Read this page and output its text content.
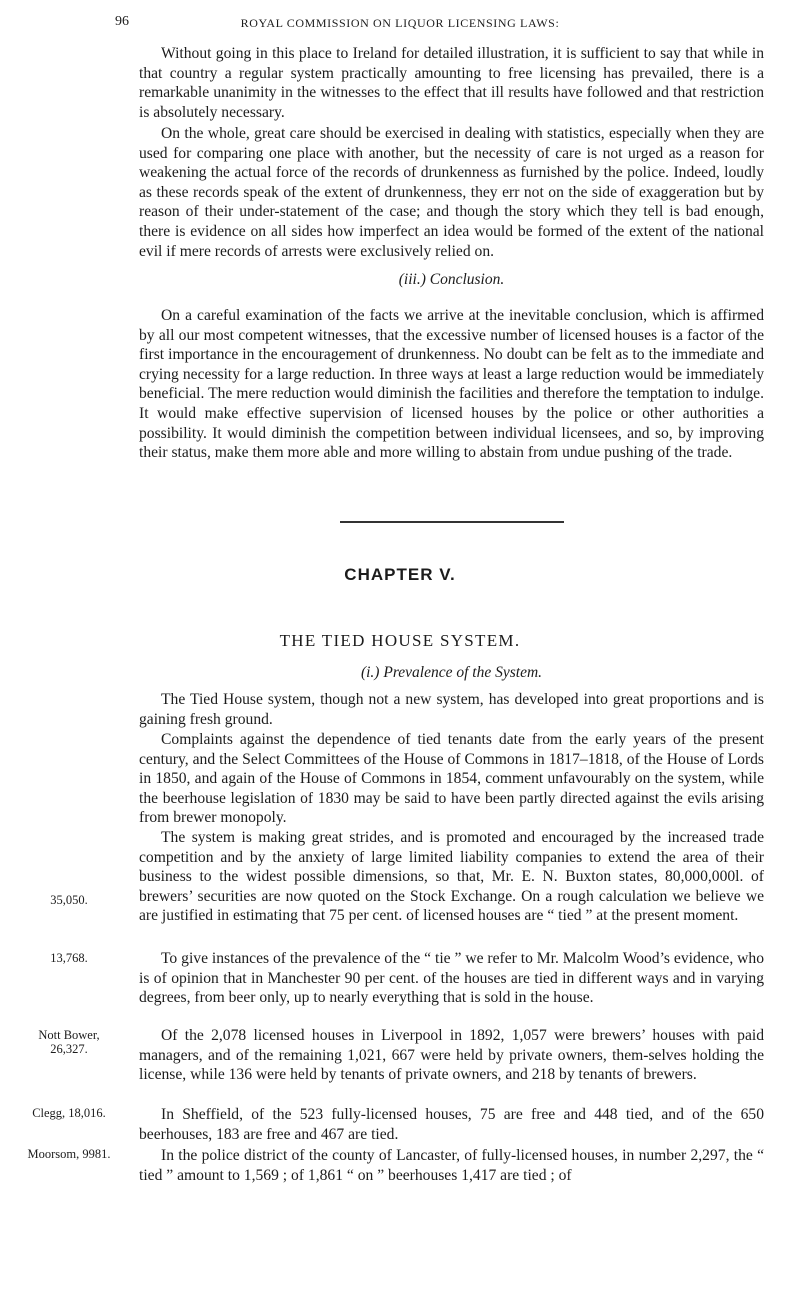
96	ROYAL COMMISSION ON LIQUOR LICENSING LAWS:

Without going in this place to Ireland for detailed illustration, it is sufficient to say that while in that country a regular system practically amounting to free licensing has prevailed, there is a remarkable unanimity in the witnesses to the effect that ill results have followed and that restriction is absolutely necessary.

On the whole, great care should be exercised in dealing with statistics, especially when they are used for comparing one place with another, but the necessity of care is not urged as a reason for weakening the actual force of the records of drunkenness as furnished by the police. Indeed, loudly as these records speak of the extent of drunkenness, they err not on the side of exaggeration but by reason of their under-statement of the case; and though the story which they tell is bad enough, there is evidence on all sides how imperfect an idea would be formed of the extent of the national evil if mere records of arrests were exclusively relied on.

(iii.) Conclusion.

On a careful examination of the facts we arrive at the inevitable conclusion, which is affirmed by all our most competent witnesses, that the excessive number of licensed houses is a factor of the first importance in the encouragement of drunkenness. No doubt can be felt as to the immediate and crying necessity for a large reduction. In three ways at least a large reduction would be immediately beneficial. The mere reduction would diminish the facilities and therefore the temptation to indulge. It would make effective supervision of licensed houses by the police or other authorities a possibility. It would diminish the competition between individual licensees, and so, by improving their status, make them more able and more willing to abstain from undue pushing of the trade.

CHAPTER V.
THE TIED HOUSE SYSTEM.
(i.) Prevalence of the System.

The Tied House system, though not a new system, has developed into great proportions and is gaining fresh ground.

Complaints against the dependence of tied tenants date from the early years of the present century, and the Select Committees of the House of Commons in 1817–1818, of the House of Lords in 1850, and again of the House of Commons in 1854, comment unfavourably on the system, while the beerhouse legislation of 1830 may be said to have been partly directed against the evils arising from brewer monopoly.

The system is making great strides, and is promoted and encouraged by the increased trade competition and by the anxiety of large limited liability companies to extend the area of their business to the widest possible dimensions, so that, Mr. E. N. Buxton states, 80,000,000l. of brewers’ securities are now quoted on the Stock Exchange. On a rough calculation we believe we are justified in estimating that 75 per cent. of licensed houses are “ tied ” at the present moment.

To give instances of the prevalence of the “ tie ” we refer to Mr. Malcolm Wood’s evidence, who is of opinion that in Manchester 90 per cent. of the houses are tied in different ways and in varying degrees, from beer only, up to nearly everything that is sold in the house.

Of the 2,078 licensed houses in Liverpool in 1892, 1,057 were brewers’ houses with paid managers, and of the remaining 1,021, 667 were held by private owners, them-selves holding the license, while 136 were held by tenants of private owners, and 218 by tenants of brewers.

In Sheffield, of the 523 fully-licensed houses, 75 are free and 448 tied, and of the 650 beerhouses, 183 are free and 467 are tied.

In the police district of the county of Lancaster, of fully-licensed houses, in number 2,297, the “ tied ” amount to 1,569 ; of 1,861 “ on ” beerhouses 1,417 are tied ; of

35,050.
13,768.
Nott Bower, 26,327.
Clegg, 18,016.
Moorsom, 9981.
